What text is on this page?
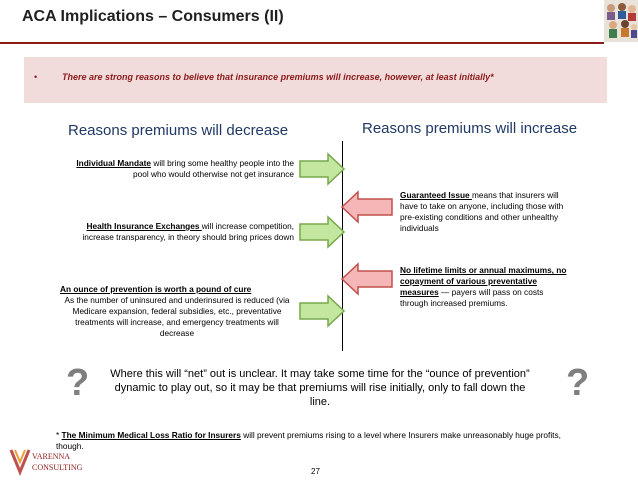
ACA Implications – Consumers (II)
•	There are strong reasons to believe that insurance premiums will increase, however, at least initially*
Reasons premiums will decrease	Reasons premiums will increase
Individual Mandate will bring some healthy people into the pool who would otherwise not get insurance
Health Insurance Exchanges will increase competition, increase transparency, in theory should bring prices down
An ounce of prevention is worth a pound of cure
As the number of uninsured and underinsured is reduced (via Medicare expansion, federal subsidies, etc., preventative treatments will increase, and emergency treatments will decrease
Guaranteed Issue means that insurers will have to take on anyone, including those with pre-existing conditions and other unhealthy individuals
No lifetime limits or annual maximums, no copayment of various preventative measures — payers will pass on costs through increased premiums.
?	?
Where this will “net” out is unclear. It may take some time for the “ounce of prevention” dynamic to play out, so it may be that premiums will rise initially, only to fall down the line.
* The Minimum Medical Loss Ratio for Insurers will prevent premiums rising to a level where Insurers make unreasonably huge profits, though.
VARENNA
CONSULTING	27
